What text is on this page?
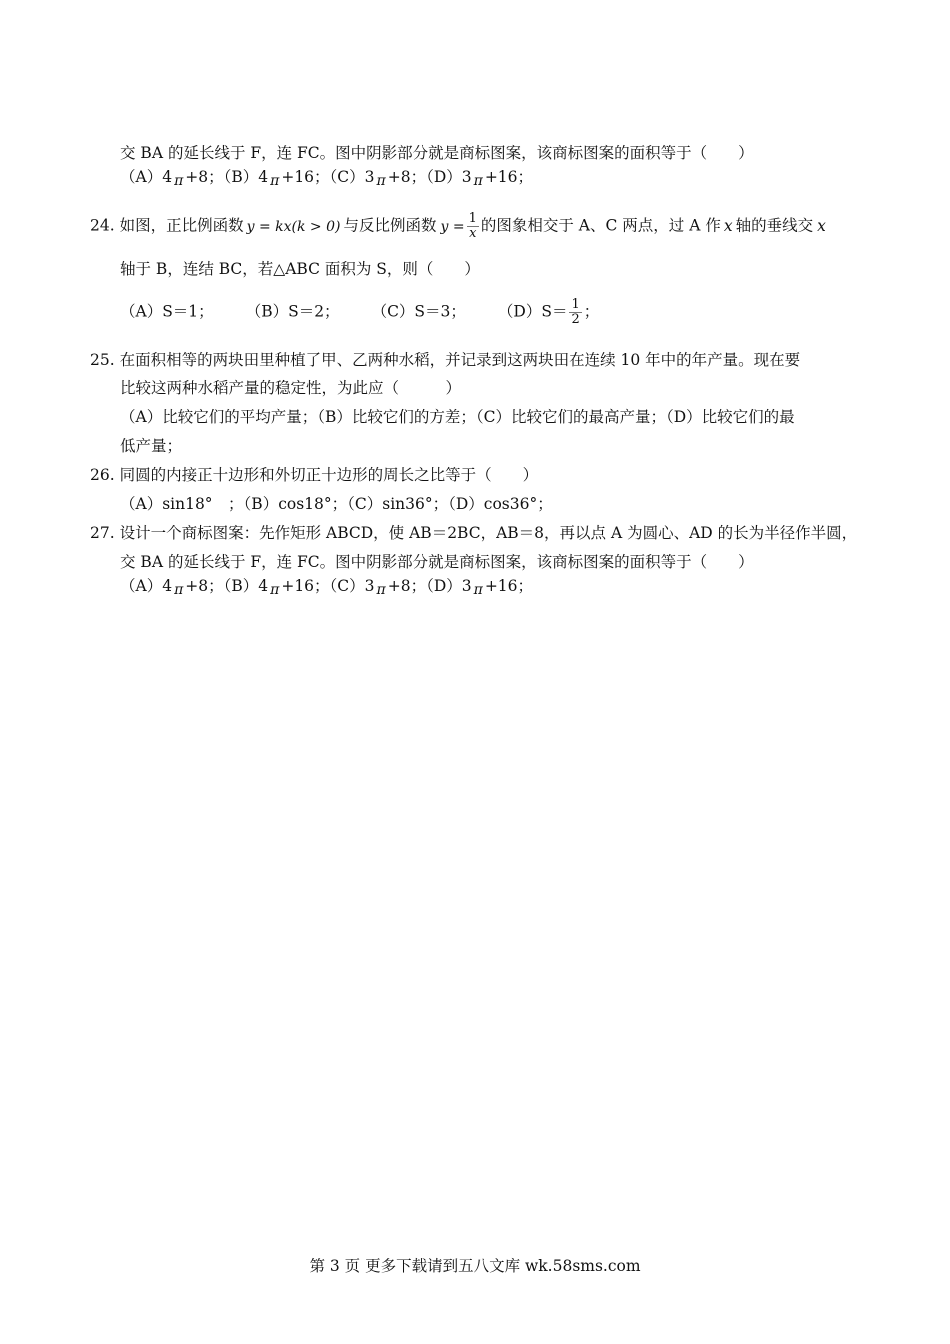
交 BA 的延长线于 F，连 FC。图中阴影部分就是商标图案，该商标图案的面积等于（　　）
（A）4 π +8；（B）4 π +16；（C）3 π +8；（D）3 π +16；
24. 如图，正比例函数 y = kx(k > 0) 与反比例函数 $y = \frac{1}{x}$ 的图象相交于 A、C 两点，过 A 作 x 轴的垂线交 x
轴于 B，连结 BC，若△ABC 面积为 S，则（　　）
（A）S＝1； （B）S＝2； （C）S＝3； $(D)S= \frac{1}{2}$ ；
25. 在面积相等的两块田里种植了甲、乙两种水稻，并记录到这两块田在连续 10 年中的年产量。现在要
比较这两种水稻产量的稳定性，为此应（　　　）
（A）比较它们的平均产量；（B）比较它们的方差；（C）比较它们的最高产量；（D）比较它们的最
低产量；
26. 同圆的内接正十边形和外切正十边形的周长之比等于（　　）
（A）sin18°　；（B）cos18°；（C）sin36°；（D）cos36°；
27. 设计一个商标图案：先作矩形 ABCD，使 AB＝2BC，AB＝8，再以点 A 为圆心、AD 的长为半径作半圆，
交 BA 的延长线于 F，连 FC。图中阴影部分就是商标图案，该商标图案的面积等于（　　）
（A）4 π +8；（B）4 π +16；（C）3 π +8；（D）3 π +16；
第 3 页 更多下载请到五八文库 wk.58sms.com
